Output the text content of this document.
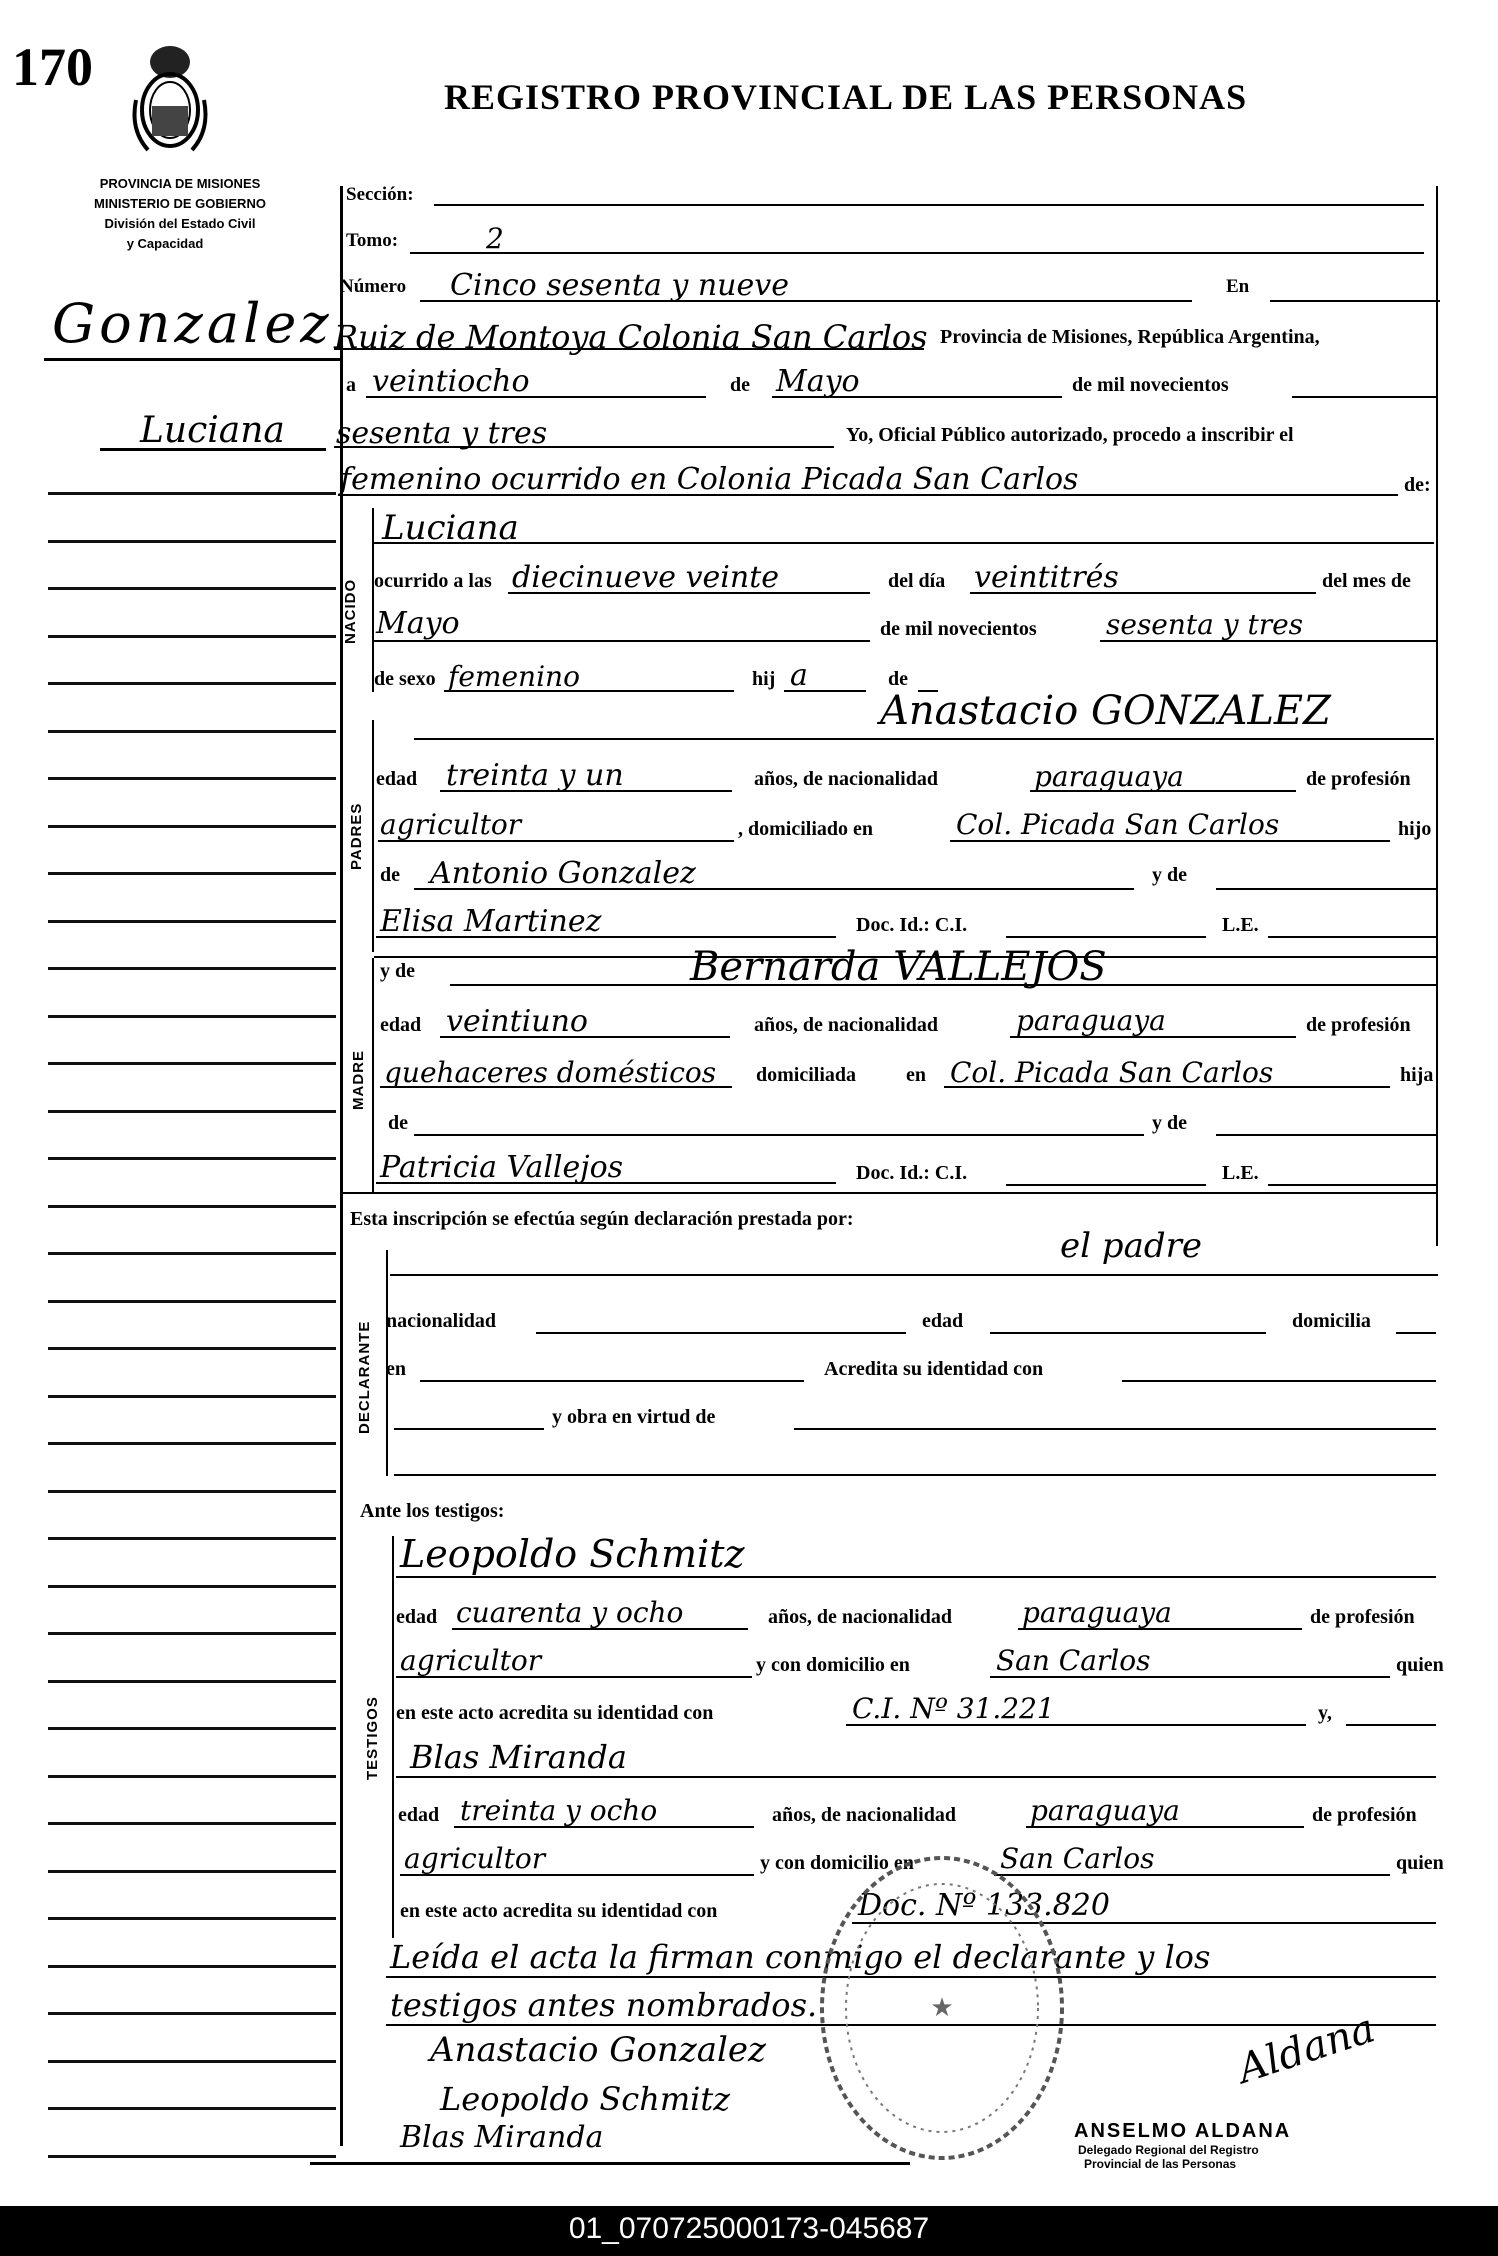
170	REGISTRO PROVINCIAL DE LAS PERSONAS
PROVINCIA DE MISIONES
MINISTERIO DE GOBIERNO
División del Estado Civil
y Capacidad
Gonzalez
Luciana
Sección:
Tomo:	2
Número Cinco sesenta y nueve	En
Ruiz de Montoya Colonia San Carlos Provincia de Misiones, República Argentina,
a veintiocho	de Mayo	de mil novecientos
sesenta y tres	Yo, Oficial Público autorizado, procedo a inscribir el
femenino ocurrido en Colonia Picada San Carlos	de:
NACIDO
Luciana
ocurrido a las diecinueve veinte	del día veintitrés	del mes de
Mayo	de mil novecientos sesenta y tres
de sexo femenino	hij a	de
PADRES
Anastacio GONZALEZ
edad treinta y un	años, de nacionalidad	paraguaya	de profesión
agricultor	, domiciliado en	Col. Picada San Carlos	hijo
de Antonio Gonzalez	y de
Elisa Martinez	Doc. Id.: C.I.	L.E.
MADRE
y de	Bernarda VALLEJOS
edad veintiuno	años, de nacionalidad	paraguaya	de profesión
quehaceres domésticos domiciliada en Col. Picada San Carlos	hija
de	y de
Patricia Vallejos	Doc. Id.: C.I.	L.E.
Esta inscripción se efectúa según declaración prestada por:
DECLARANTE
el padre
nacionalidad	edad	domicilia
en	Acredita su identidad con
y obra en virtud de
Ante los testigos:
TESTIGOS
Leopoldo Schmitz
edad cuarenta y ocho	años, de nacionalidad	paraguaya	de profesión
agricultor	y con domicilio en	San Carlos	quien
en este acto acredita su identidad con	C.I. Nº 31.221	y,
Blas Miranda
edad treinta y ocho	años, de nacionalidad	paraguaya	de profesión
agricultor	y con domicilio en	San Carlos	quien
en este acto acredita su identidad con	Doc. Nº 133.820
Leída el acta la firman conmigo el declarante y los
testigos antes nombrados.
Anastacio Gonzalez
Leopoldo Schmitz
Blas Miranda
★	Aldana
ANSELMO ALDANA
Delegado Regional del Registro
Provincial de las Personas
01_070725000173-045687
